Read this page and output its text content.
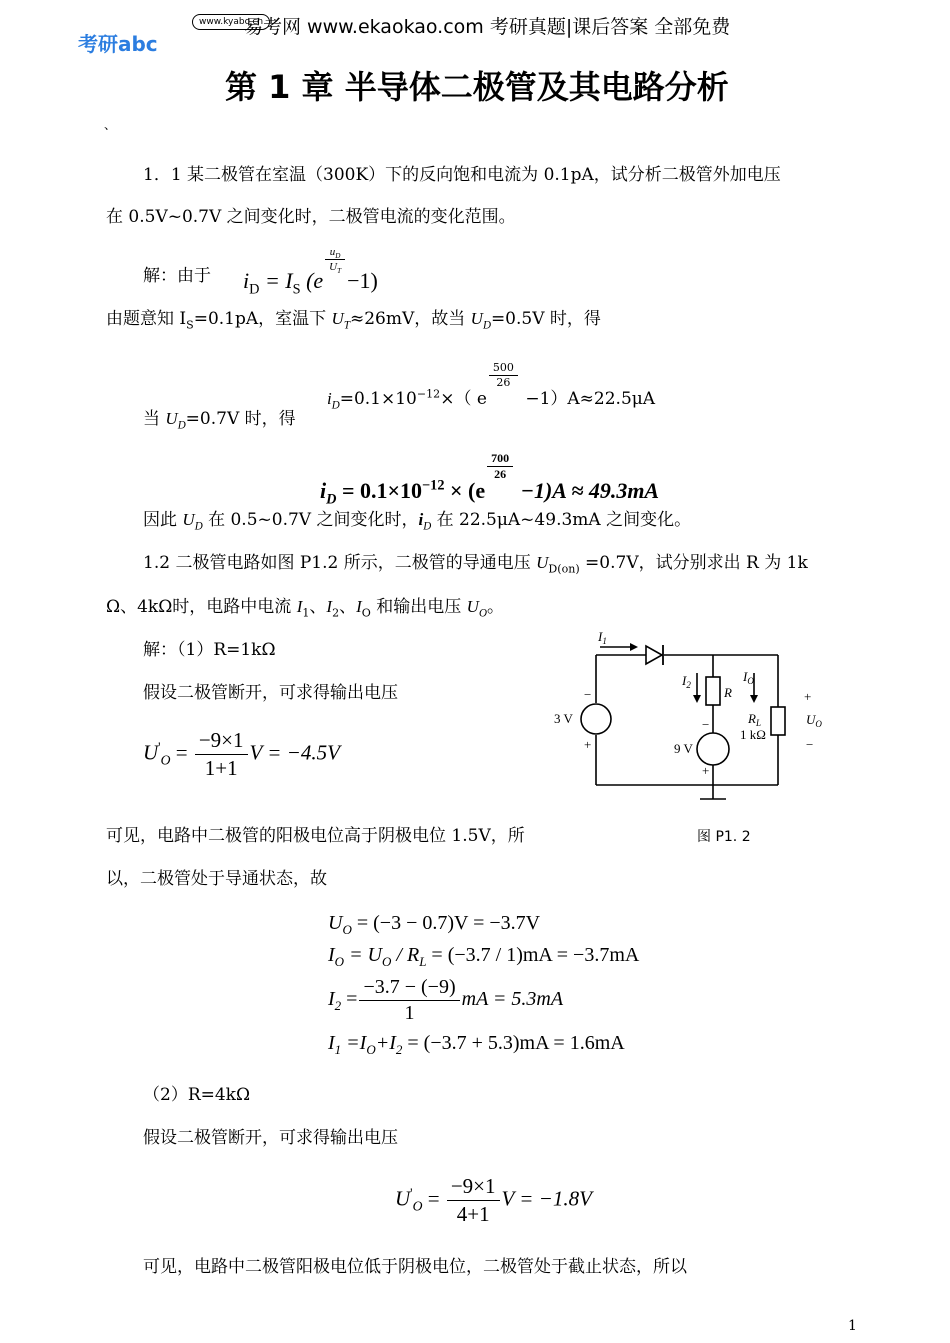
考研abc
www.kyabc.cn
易考网 www.ekaokao.com 考研真题|课后答案 全部免费
第 1 章 半导体二极管及其电路分析
、
1．1 某二极管在室温（300K）下的反向饱和电流为 0.1pA，试分析二极管外加电压
在 0.5V~0.7V 之间变化时，二极管电流的变化范围。
解：由于 $i_D = I_S$ (e
$\frac{u_D}{U_T}$
−1)
由题意知 $I_S=0.1pA$，室温下 $U_T\approx 26mV$，故当 $U_D=0.5V$ 时，得
$i_D=0.1\times 10^{-12}\times$（ e
$\frac{500}{26}$
−1）A≈22.5μA
当 $U_D=0.7V$ 时，得
$i_D = 0.1\times 10^{-12} \times (e$
$\frac{700}{26}$
−1)A ≈ 49.3mA
因此 $U_D$ 在 0.5~0.7V 之间变化时，$i_D$ 在 22.5μA~49.3mA 之间变化。
1.2 二极管电路如图 P1.2 所示，二极管的导通电压 $U_{D(on)} =0.7V$，试分别求出 R 为 1k
Ω、4kΩ时，电路中电流 $I_1$、$I_2$、$I_O$ 和输出电压 $U_O$。
解：（1）R=1kΩ
假设二极管断开，可求得输出电压
$U'_O = \frac{-9\times 1}{1+1}$ V = −4.5V
$I_1$
$I_2$
$I_O$
R
$R_L$
1 kΩ
3 V
9 V
$U_O$
−
+
−
+
+
−
图 P1. 2
可见，电路中二极管的阳极电位高于阴极电位 1.5V，所
以，二极管处于导通状态，故
$U_O = (-3 - 0.7)V = -3.7V$
$I_O = U_O / R_L = (-3.7 / 1)mA = -3.7mA$
$I_2 = \frac{-3.7 - (-9)}{1}$ mA = 5.3mA
$I_1 =I_O+I_2 = (-3.7 + 5.3)mA = 1.6mA$
（2）R=4kΩ
假设二极管断开，可求得输出电压
$U'_O = \frac{-9\times 1}{4+1}$ V = −1.8V
可见，电路中二极管阳极电位低于阴极电位，二极管处于截止状态，所以
1
